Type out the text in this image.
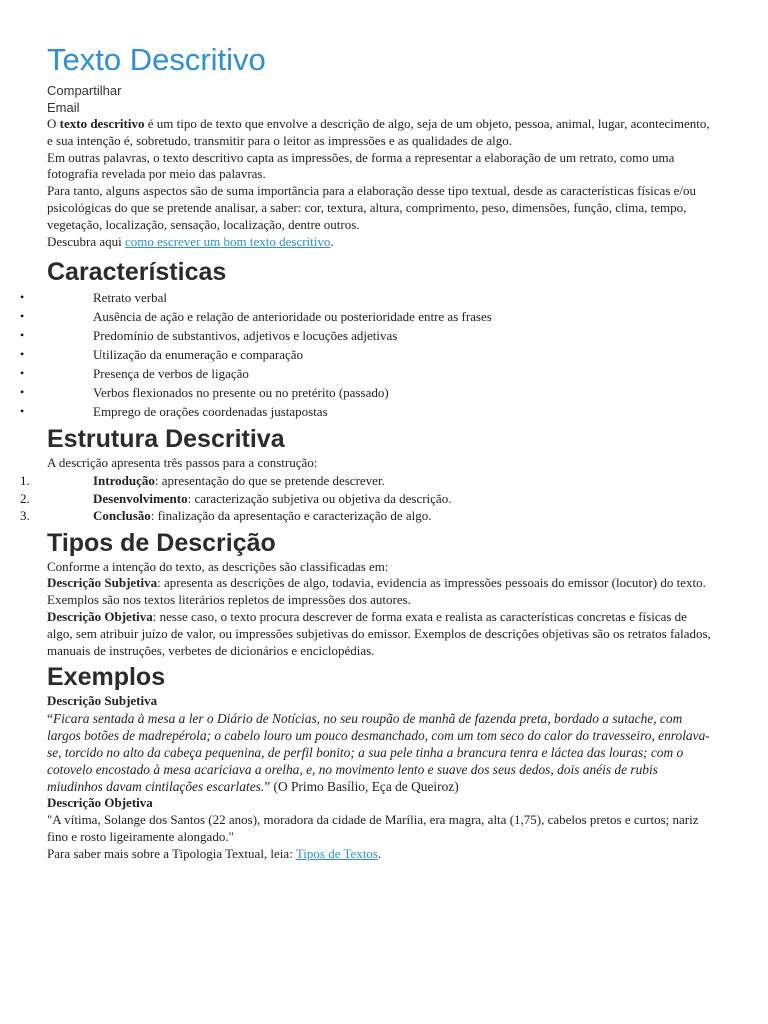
Texto Descritivo
Compartilhar
Email

O texto descritivo é um tipo de texto que envolve a descrição de algo, seja de um objeto, pessoa, animal, lugar, acontecimento, e sua intenção é, sobretudo, transmitir para o leitor as impressões e as qualidades de algo.

Em outras palavras, o texto descritivo capta as impressões, de forma a representar a elaboração de um retrato, como uma fotografia revelada por meio das palavras.

Para tanto, alguns aspectos são de suma importância para a elaboração desse tipo textual, desde as características físicas e/ou psicológicas do que se pretende analisar, a saber: cor, textura, altura, comprimento, peso, dimensões, função, clima, tempo, vegetação, localização, sensação, localização, dentre outros.

Descubra aqui como escrever um bom texto descritivo.

Características
• Retrato verbal
• Ausência de ação e relação de anterioridade ou posterioridade entre as frases
• Predomínio de substantivos, adjetivos e locuções adjetivas
• Utilização da enumeração e comparação
• Presença de verbos de ligação
• Verbos flexionados no presente ou no pretérito (passado)
• Emprego de orações coordenadas justapostas
Estrutura Descritiva

A descrição apresenta três passos para a construção:

1.	Introdução: apresentação do que se pretende descrever.
2.	Desenvolvimento: caracterização subjetiva ou objetiva da descrição.
3.	Conclusão: finalização da apresentação e caracterização de algo.
Tipos de Descrição

Conforme a intenção do texto, as descrições são classificadas em:

Descrição Subjetiva: apresenta as descrições de algo, todavia, evidencia as impressões pessoais do emissor (locutor) do texto. Exemplos são nos textos literários repletos de impressões dos autores.

Descrição Objetiva: nesse caso, o texto procura descrever de forma exata e realista as características concretas e físicas de algo, sem atribuir juízo de valor, ou impressões subjetivas do emissor. Exemplos de descrições objetivas são os retratos falados, manuais de instruções, verbetes de dicionários e enciclopédias.

Exemplos

Descrição Subjetiva

“Ficara sentada à mesa a ler o Diário de Notícias, no seu roupão de manhã de fazenda preta, bordado a sutache, com largos botões de madrepérola; o cabelo louro um pouco desmanchado, com um tom seco do calor do travesseiro, enrolava-se, torcido no alto da cabeça pequenina, de perfil bonito; a sua pele tinha a brancura tenra e láctea das louras; com o cotovelo encostado à mesa acariciava a orelha, e, no movimento lento e suave dos seus dedos, dois anéis de rubis miudinhos davam cintilações escarlates.” (O Primo Basílio, Eça de Queiroz)

Descrição Objetiva

"A vítima, Solange dos Santos (22 anos), moradora da cidade de Marília, era magra, alta (1,75), cabelos pretos e curtos; nariz fino e rosto ligeiramente alongado."

Para saber mais sobre a Tipologia Textual, leia: Tipos de Textos.
